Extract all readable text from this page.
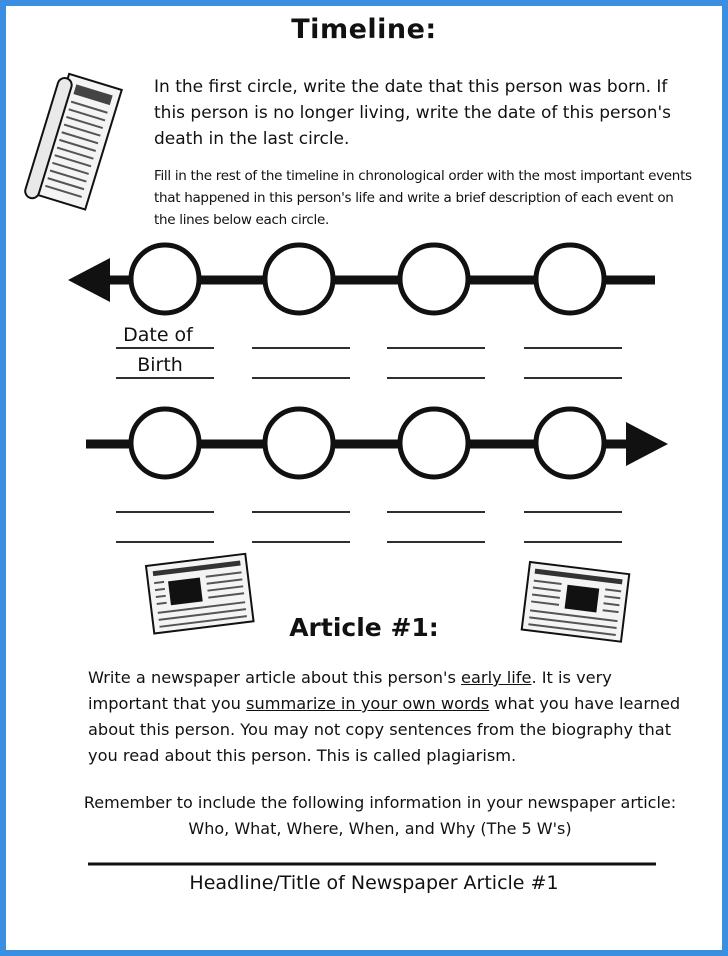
Timeline:
In the first circle, write the date that this person was born. If this person is no longer living, write the date of this person's death in the last circle.
Fill in the rest of the timeline in chronological order with the most important events that happened in this person's life and write a brief description of each event on the lines below each circle.
Date of
Birth
Article #1:
Write a newspaper article about this person's early life. It is very important that you summarize in your own words what you have learned about this person. You may not copy sentences from the biography that you read about this person. This is called plagiarism.
Remember to include the following information in your newspaper article: Who, What, Where, When, and Why (The 5 W's)
Headline/Title of Newspaper Article #1
